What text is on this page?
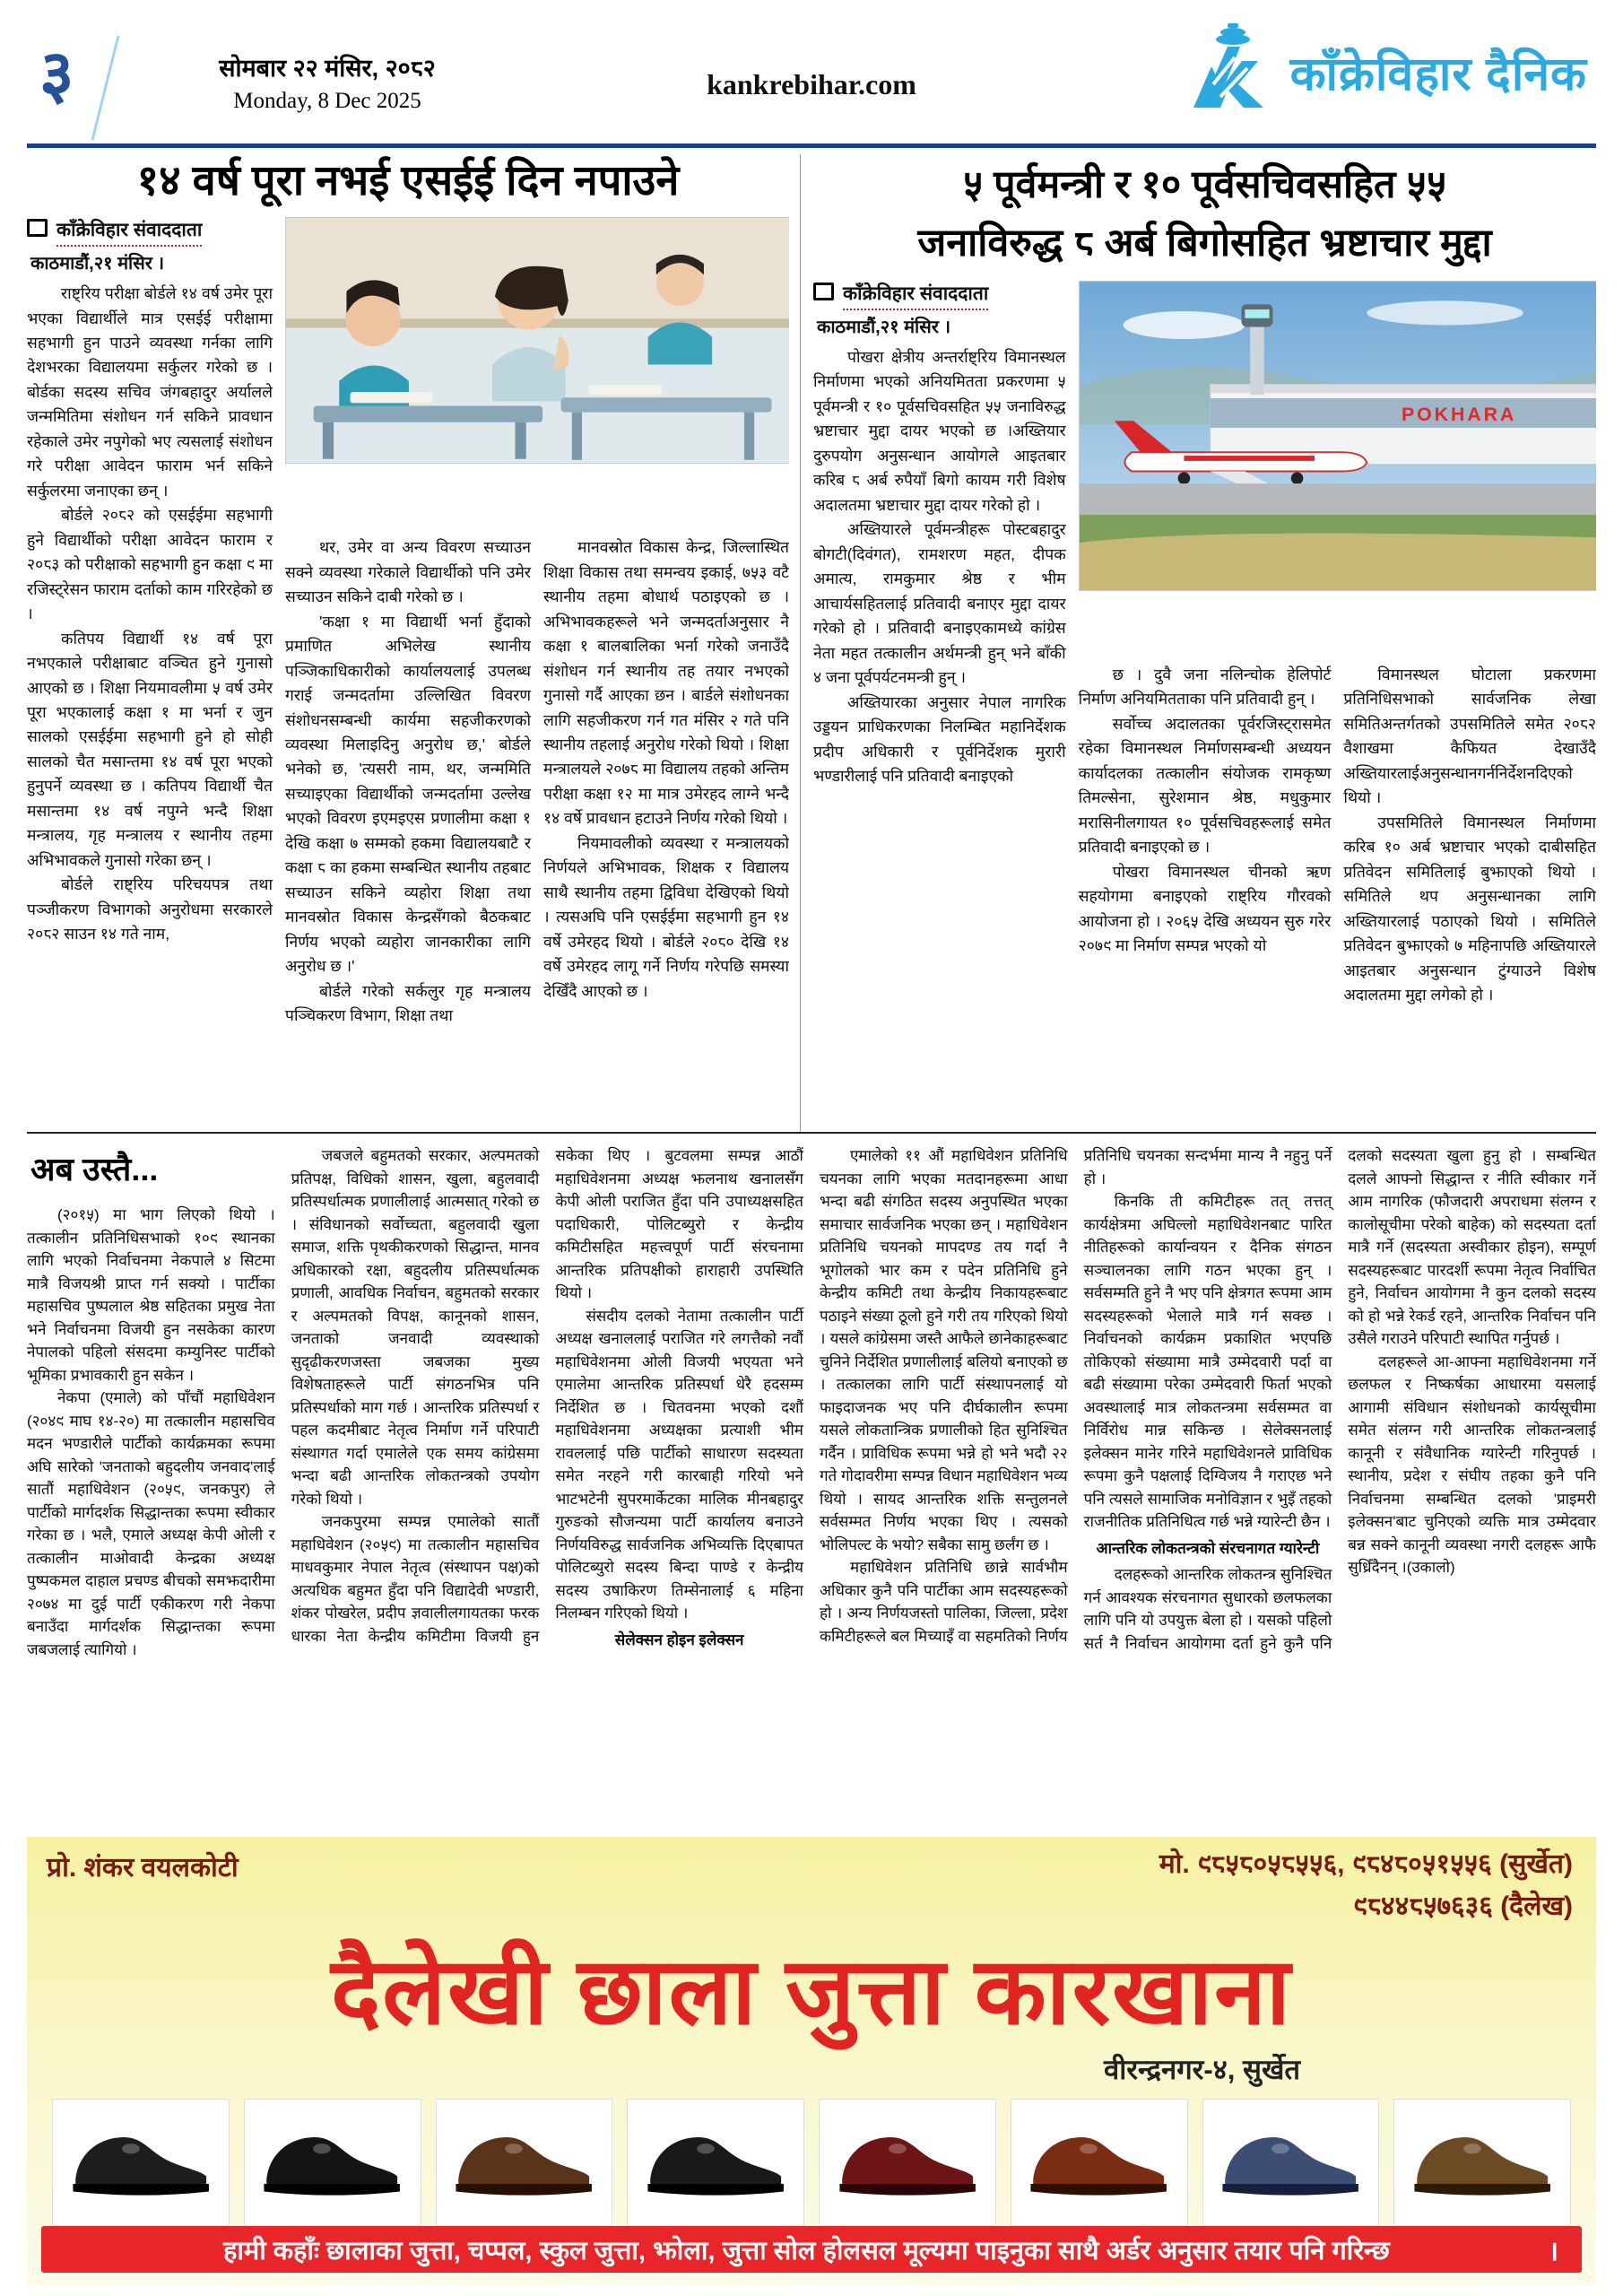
३	सोमबार २२ मंसिर, २०८२
Monday, 8 Dec 2025
kankrebihar.com	काँक्रेविहार दैनिक
१४ वर्ष पूरा नभई एसईई दिन नपाउने
काँक्रेविहार संवाददाता
काठमाडौं,२१ मंसिर ।

राष्ट्रिय परीक्षा बोर्डले १४ वर्ष उमेर पूरा भएका विद्यार्थीले मात्र एसईई परीक्षामा सहभागी हुन पाउने व्यवस्था गर्नका लागि देशभरका विद्यालयमा सर्कुलर गरेको छ । बोर्डका सदस्य सचिव जंगबहादुर अर्यालले जन्ममितिमा संशोधन गर्न सकिने प्रावधान रहेकाले उमेर नपुगेको भए त्यसलाई संशोधन गरे परीक्षा आवेदन फाराम भर्न सकिने सर्कुलरमा जनाएका छन् ।

बोर्डले २०८२ को एसईईमा सहभागी हुने विद्यार्थीको परीक्षा आवेदन फाराम र २०८३ को परीक्षाको सहभागी हुन कक्षा ९ मा रजिस्ट्रेसन फाराम दर्ताको काम गरिरहेको छ ।

कतिपय विद्यार्थी १४ वर्ष पूरा नभएकाले परीक्षाबाट वञ्चित हुने गुनासो आएको छ । शिक्षा नियमावलीमा ५ वर्ष उमेर पूरा भएकालाई कक्षा १ मा भर्ना र जुन सालको एसईईमा सहभागी हुने हो सोही सालको चैत मसान्तमा १४ वर्ष पूरा भएको हुनुपर्ने व्यवस्था छ । कतिपय विद्यार्थी चैत मसान्तमा १४ वर्ष नपुग्ने भन्दै शिक्षा मन्त्रालय, गृह मन्त्रालय र स्थानीय तहमा अभिभावकले गुनासो गरेका छन् ।

बोर्डले राष्ट्रिय परिचयपत्र तथा पञ्जीकरण विभागको अनुरोधमा सरकारले २०८२ साउन १४ गते नाम,

थर, उमेर वा अन्य विवरण सच्याउन सक्ने व्यवस्था गरेकाले विद्यार्थीको पनि उमेर सच्याउन सकिने दाबी गरेको छ ।

'कक्षा १ मा विद्यार्थी भर्ना हुँदाको प्रमाणित अभिलेख स्थानीय पञ्जिकाधिकारीको कार्यालयलाई उपलब्ध गराई जन्मदर्तामा उल्लिखित विवरण संशोधनसम्बन्धी कार्यमा सहजीकरणको व्यवस्था मिलाइदिनु अनुरोध छ,' बोर्डले भनेको छ, 'त्यसरी नाम, थर, जन्ममिति सच्याइएका विद्यार्थीको जन्मदर्तामा उल्लेख भएको विवरण इएमइएस प्रणालीमा कक्षा १ देखि कक्षा ७ सम्मको हकमा विद्यालयबाटै र कक्षा ८ का हकमा सम्बन्धित स्थानीय तहबाट सच्याउन सकिने व्यहोरा शिक्षा तथा मानवस्रोत विकास केन्द्रसँगको बैठकबाट निर्णय भएको व्यहोरा जानकारीका लागि अनुरोध छ ।'

बोर्डले गरेको सर्कलुर गृह मन्त्रालय पञ्चिकरण विभाग, शिक्षा तथा

मानवस्रोत विकास केन्द्र, जिल्लास्थित शिक्षा विकास तथा समन्वय इकाई, ७५३ वटै स्थानीय तहमा बोधार्थ पठाइएको छ । अभिभावकहरूले भने जन्मदर्ताअनुसार नै कक्षा १ बालबालिका भर्ना गरेको जनाउँदै संशोधन गर्न स्थानीय तह तयार नभएको गुनासो गर्दै आएका छन । बार्डले संशोधनका लागि सहजीकरण गर्न गत मंसिर २ गते पनि स्थानीय तहलाई अनुरोध गरेको थियो । शिक्षा मन्त्रालयले २०७८ मा विद्यालय तहको अन्तिम परीक्षा कक्षा १२ मा मात्र उमेरहद लाग्ने भन्दै १४ वर्षे प्रावधान हटाउने निर्णय गरेको थियो ।

नियमावलीको व्यवस्था र मन्त्रालयको निर्णयले अभिभावक, शिक्षक र विद्यालय साथै स्थानीय तहमा द्विविधा देखिएको थियो । त्यसअघि पनि एसईईमा सहभागी हुन १४ वर्षे उमेरहद थियो । बोर्डले २०८० देखि १४ वर्षे उमेरहद लागू गर्ने निर्णय गरेपछि समस्या देखिँदै आएको छ ।

५ पूर्वमन्त्री र १० पूर्वसचिवसहित ५५
जनाविरुद्ध ८ अर्ब बिगोसहित भ्रष्टाचार मुद्दा
काँक्रेविहार संवाददाता
काठमाडौं,२१ मंसिर ।

पोखरा क्षेत्रीय अन्तर्राष्ट्रिय विमानस्थल निर्माणमा भएको अनियमितता प्रकरणमा ५ पूर्वमन्त्री र १० पूर्वसचिवसहित ५५ जनाविरुद्ध भ्रष्टाचार मुद्दा दायर भएको छ ।अख्तियार दुरुपयोग अनुसन्धान आयोगले आइतबार करिब ८ अर्ब रुपैयाँ बिगो कायम गरी विशेष अदालतमा भ्रष्टाचार मुद्दा दायर गरेको हो ।

अख्तियारले पूर्वमन्त्रीहरू पोस्टबहादुर बोगटी(दिवंगत), रामशरण महत, दीपक अमात्य, रामकुमार श्रेष्ठ र भीम आचार्यसहितलाई प्रतिवादी बनाएर मुद्दा दायर गरेको हो । प्रतिवादी बनाइएकामध्ये कांग्रेस नेता महत तत्कालीन अर्थमन्त्री हुन् भने बाँकी ४ जना पूर्वपर्यटनमन्त्री हुन् ।

अख्तियारका अनुसार नेपाल नागरिक उड्डयन प्राधिकरणका निलम्बित महानिर्देशक प्रदीप अधिकारी र पूर्वनिर्देशक मुरारी भण्डारीलाई पनि प्रतिवादी बनाइएको

POKHARA

छ । दुवै जना नलिन्चोक हेलिपोर्ट निर्माण अनियमितताका पनि प्रतिवादी हुन् ।

सर्वोच्च अदालतका पूर्वरजिस्ट्रासमेत रहेका विमानस्थल निर्माणसम्बन्धी अध्ययन कार्यादलका तत्कालीन संयोजक रामकृष्ण तिमल्सेना, सुरेशमान श्रेष्ठ, मधुकुमार मरासिनीलगायत १० पूर्वसचिवहरूलाई समेत प्रतिवादी बनाइएको छ ।

पोखरा विमानस्थल चीनको ऋण सहयोगमा बनाइएको राष्ट्रिय गौरवको आयोजना हो । २०६५ देखि अध्ययन सुरु गरेर २०७९ मा निर्माण सम्पन्न भएको यो

विमानस्थल घोटाला प्रकरणमा प्रतिनिधिसभाको सार्वजनिक लेखा समितिअन्तर्गतको उपसमितिले समेत २०८२ वैशाखमा कैफियत देखाउँदै अख्तियारलाईअनुसन्धानगर्ननिर्देशनदिएको थियो ।

उपसमितिले विमानस्थल निर्माणमा करिब १० अर्ब भ्रष्टाचार भएको दाबीसहित प्रतिवेदन समितिलाई बुझाएको थियो । समितिले थप अनुसन्धानका लागि अख्तियारलाई पठाएको थियो । समितिले प्रतिवेदन बुझाएको ७ महिनापछि अख्तियारले आइतबार अनुसन्धान टुंग्याउने विशेष अदालतमा मुद्दा लगेको हो ।

अब उस्तै...

(२०१५) मा भाग लिएको थियो । तत्कालीन प्रतिनिधिसभाको १०९ स्थानका लागि भएको निर्वाचनमा नेकपाले ४ सिटमा मात्रै विजयश्री प्राप्त गर्न सक्यो । पार्टीका महासचिव पुष्पलाल श्रेष्ठ सहितका प्रमुख नेता भने निर्वाचनमा विजयी हुन नसकेका कारण नेपालको पहिलो संसदमा कम्युनिस्ट पार्टीको भूमिका प्रभावकारी हुन सकेन ।

नेकपा (एमाले) को पाँचौं महाधिवेशन (२०४९ माघ १४-२०) मा तत्कालीन महासचिव मदन भण्डारीले पार्टीको कार्यक्रमका रूपमा अघि सारेको 'जनताको बहुदलीय जनवाद'लाई सातौं महाधिवेशन (२०५९, जनकपुर) ले पार्टीको मार्गदर्शक सिद्धान्तका रूपमा स्वीकार गरेका छ । भलै, एमाले अध्यक्ष केपी ओली र तत्कालीन माओवादी केन्द्रका अध्यक्ष पुष्पकमल दाहाल प्रचण्ड बीचको समझदारीमा २०७४ मा दुई पार्टी एकीकरण गरी नेकपा बनाउँदा मार्गदर्शक सिद्धान्तका रूपमा जबजलाई त्यागियो ।

जबजले बहुमतको सरकार, अल्पमतको प्रतिपक्ष, विधिको शासन, खुला, बहुलवादी प्रतिस्पर्धात्मक प्रणालीलाई आत्मसात् गरेको छ । संविधानको सर्वोच्चता, बहुलवादी खुला समाज, शक्ति पृथकीकरणको सिद्धान्त, मानव अधिकारको रक्षा, बहुदलीय प्रतिस्पर्धात्मक प्रणाली, आवधिक निर्वाचन, बहुमतको सरकार र अल्पमतको विपक्ष, कानूनको शासन, जनताको जनवादी व्यवस्थाको सुदृढीकरणजस्ता जबजका मुख्य विशेषताहरूले पार्टी संगठनभित्र पनि प्रतिस्पर्धाको माग गर्छ । आन्तरिक प्रतिस्पर्धा र पहल कदमीबाट नेतृत्व निर्माण गर्ने परिपाटी संस्थागत गर्दा एमालेले एक समय कांग्रेसमा भन्दा बढी आन्तरिक लोकतन्त्रको उपयोग गरेको थियो ।

जनकपुरमा सम्पन्न एमालेको सातौं महाधिवेशन (२०५९) मा तत्कालीन महासचिव माधवकुमार नेपाल नेतृत्व (संस्थापन पक्ष)को अत्यधिक बहुमत हुँदा पनि विद्यादेवी भण्डारी, शंकर पोखरेल, प्रदीप ज्ञवालीलगायतका फरक धारका नेता केन्द्रीय कमिटीमा विजयी हुन सकेका थिए । बुटवलमा सम्पन्न आठौं महाधिवेशनमा अध्यक्ष झलनाथ खनालसँग केपी ओली पराजित हुँदा पनि उपाध्यक्षसहित पदाधिकारी, पोलिटब्युरो र केन्द्रीय कमिटीसहित महत्त्वपूर्ण पार्टी संरचनामा आन्तरिक प्रतिपक्षीको हाराहारी उपस्थिति थियो ।

संसदीय दलको नेतामा तत्कालीन पार्टी अध्यक्ष खनाललाई पराजित गरे लगत्तैको नवौं महाधिवेशनमा ओली विजयी भएयता भने एमालेमा आन्तरिक प्रतिस्पर्धा धेरै हदसम्म निर्देशित छ । चितवनमा भएको दशौं महाधिवेशनमा अध्यक्षका प्रत्याशी भीम रावललाई पछि पार्टीको साधारण सदस्यता समेत नरहने गरी कारबाही गरियो भने भाटभटेनी सुपरमार्केटका मालिक मीनबहादुर गुरुङको सौजन्यमा पार्टी कार्यालय बनाउने निर्णयविरुद्ध सार्वजनिक अभिव्यक्ति दिएबापत पोलिटब्युरो सदस्य बिन्दा पाण्डे र केन्द्रीय सदस्य उषाकिरण तिम्सेनालाई ६ महिना निलम्बन गरिएको थियो ।

सेलेक्सन होइन इलेक्सन

एमालेको ११ औं महाधिवेशन प्रतिनिधि चयनका लागि भएका मतदानहरूमा आधा भन्दा बढी संगठित सदस्य अनुपस्थित भएका समाचार सार्वजनिक भएका छन् । महाधिवेशन प्रतिनिधि चयनको मापदण्ड तय गर्दा नै भूगोलको भार कम र पदेन प्रतिनिधि हुने केन्द्रीय कमिटी तथा केन्द्रीय निकायहरूबाट पठाइने संख्या ठूलो हुने गरी तय गरिएको थियो । यसले कांग्रेसमा जस्तै आफैले छानेकाहरूबाट चुनिने निर्देशित प्रणालीलाई बलियो बनाएको छ । तत्कालका लागि पार्टी संस्थापनलाई यो फाइदाजनक भए पनि दीर्घकालीन रूपमा यसले लोकतान्त्रिक प्रणालीको हित सुनिश्चित गर्दैन । प्राविधिक रूपमा भन्ने हो भने भदौ २२ गते गोदावरीमा सम्पन्न विधान महाधिवेशन भव्य थियो । सायद आन्तरिक शक्ति सन्तुलनले सर्वसम्मत निर्णय भएका थिए । त्यसको भोलिपल्ट के भयो? सबैका सामु छर्लंग छ ।

महाधिवेशन प्रतिनिधि छान्ने सार्वभौम अधिकार कुनै पनि पार्टीका आम सदस्यहरूको हो । अन्य निर्णयजस्तो पालिका, जिल्ला, प्रदेश कमिटीहरूले बल मिच्याइँ वा सहमतिको निर्णय प्रतिनिधि चयनका सन्दर्भमा मान्य नै नहुनु पर्ने हो ।

किनकि ती कमिटीहरू तत् तत्तत् कार्यक्षेत्रमा अघिल्लो महाधिवेशनबाट पारित नीतिहरूको कार्यान्वयन र दैनिक संगठन सञ्चालनका लागि गठन भएका हुन् । सर्वसम्मति हुने नै भए पनि क्षेत्रगत रूपमा आम सदस्यहरूको भेलाले मात्रै गर्न सक्छ । निर्वाचनको कार्यक्रम प्रकाशित भएपछि तोकिएको संख्यामा मात्रै उम्मेदवारी पर्दा वा बढी संख्यामा परेका उम्मेदवारी फिर्ता भएको अवस्थालाई मात्र लोकतन्त्रमा सर्वसम्मत वा निर्विरोध मान्न सकिन्छ । सेलेक्सनलाई इलेक्सन मानेर गरिने महाधिवेशनले प्राविधिक रूपमा कुनै पक्षलाई दिग्विजय नै गराएछ भने पनि त्यसले सामाजिक मनोविज्ञान र भुइँ तहको राजनीतिक प्रतिनिधित्व गर्छ भन्ने ग्यारेन्टी छैन ।

आन्तरिक लोकतन्त्रको संरचनागत ग्यारेन्टी

दलहरूको आन्तरिक लोकतन्त्र सुनिश्चित गर्न आवश्यक संरचनागत सुधारको छलफलका लागि पनि यो उपयुक्त बेला हो । यसको पहिलो सर्त नै निर्वाचन आयोगमा दर्ता हुने कुनै पनि दलको सदस्यता खुला हुनु हो । सम्बन्धित दलले आफ्नो सिद्धान्त र नीति स्वीकार गर्ने आम नागरिक (फौजदारी अपराधमा संलग्न र कालोसूचीमा परेको बाहेक) को सदस्यता दर्ता मात्रै गर्ने (सदस्यता अस्वीकार होइन), सम्पूर्ण सदस्यहरूबाट पारदर्शी रूपमा नेतृत्व निर्वाचित हुने, निर्वाचन आयोगमा नै कुन दलको सदस्य को हो भन्ने रेकर्ड रहने, आन्तरिक निर्वाचन पनि उसैले गराउने परिपाटी स्थापित गर्नुपर्छ ।

दलहरूले आ-आफ्ना महाधिवेशनमा गर्ने छलफल र निष्कर्षका आधारमा यसलाई आगामी संविधान संशोधनको कार्यसूचीमा समेत संलग्न गरी आन्तरिक लोकतन्त्रलाई कानूनी र संवैधानिक ग्यारेन्टी गरिनुपर्छ । स्थानीय, प्रदेश र संघीय तहका कुनै पनि निर्वाचनमा सम्बन्धित दलको 'प्राइमरी इलेक्सन'बाट चुनिएको व्यक्ति मात्र उम्मेदवार बन्न सक्ने कानूनी व्यवस्था नगरी दलहरू आफै सुध्रिँदैनन् ।(उकालो)

प्रो. शंकर वयलकोटी	मो. ९८५८०५८५५६, ९८४८०५१५५६ (सुर्खेत)
९८४४८५७६३६ (दैलेख)
दैलेखी छाला जुत्ता कारखाना
वीरन्द्रनगर-४, सुर्खेत
हामी कहाँः छालाका जुत्ता, चप्पल, स्कुल जुत्ता, झोला, जुत्ता सोल होलसल मूल्यमा पाइनुका साथै अर्डर अनुसार तयार पनि गरिन्छ	।
